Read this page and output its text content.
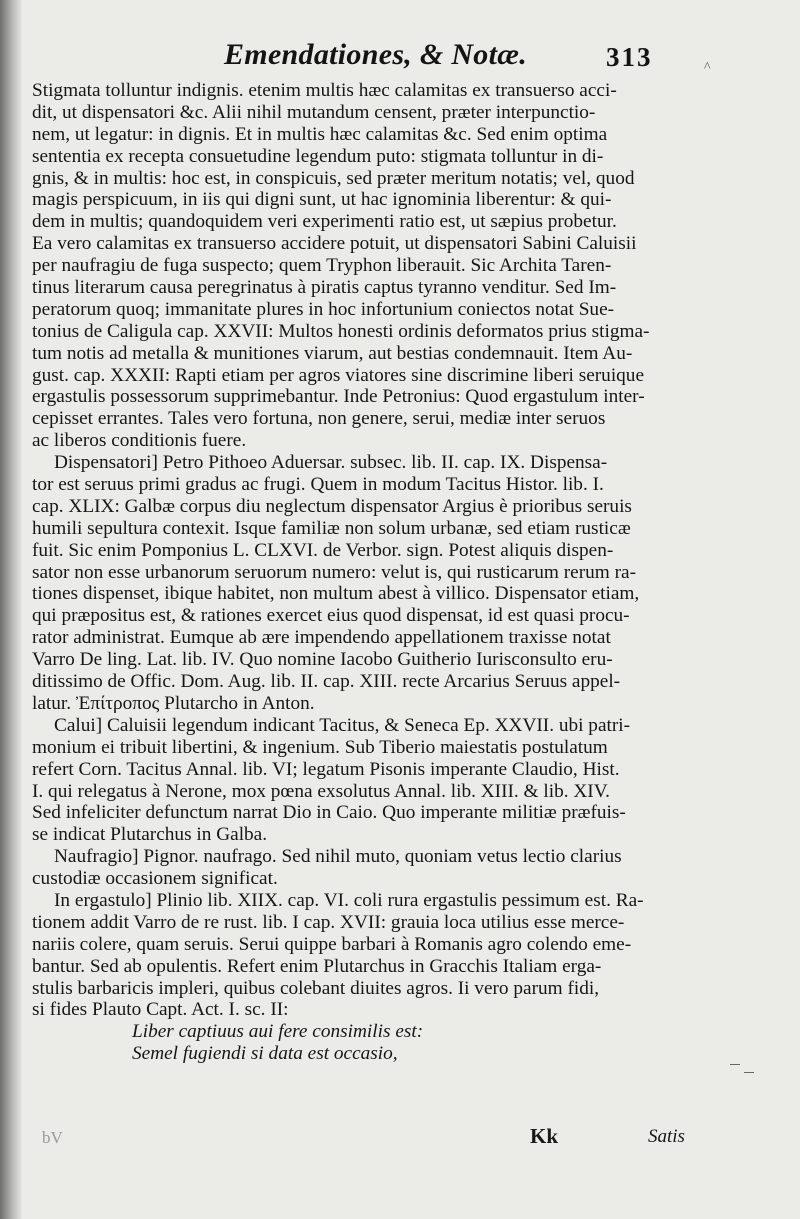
Emendationes, & Notæ.	313	^
Stigmata tolluntur indignis. etenim multis hæc calamitas ex transuerso acci-
dit, ut dispensatori &c. Alii nihil mutandum censent, præter interpunctio-
nem, ut legatur: in dignis. Et in multis hæc calamitas &c. Sed enim optima
sententia ex recepta consuetudine legendum puto: stigmata tolluntur in di-
gnis, & in multis: hoc est, in conspicuis, sed præter meritum notatis; vel, quod
magis perspicuum, in iis qui digni sunt, ut hac ignominia liberentur: & qui-
dem in multis; quandoquidem veri experimenti ratio est, ut sæpius probetur.
Ea vero calamitas ex transuerso accidere potuit, ut dispensatori Sabini Caluisii
per naufragiu de fuga suspecto; quem Tryphon liberauit. Sic Archita Taren-
tinus literarum causa peregrinatus à piratis captus tyranno venditur. Sed Im-
peratorum quoq; immanitate plures in hoc infortunium coniectos notat Sue-
tonius de Caligula cap. XXVII: Multos honesti ordinis deformatos prius stigma-
tum notis ad metalla & munitiones viarum, aut bestias condemnauit. Item Au-
gust. cap. XXXII: Rapti etiam per agros viatores sine discrimine liberi seruique
ergastulis possessorum supprimebantur. Inde Petronius: Quod ergastulum inter-
cepisset errantes. Tales vero fortuna, non genere, serui, mediæ inter seruos
ac liberos conditionis fuere.
Dispensatori] Petro Pithoeo Aduersar. subsec. lib. II. cap. IX. Dispensa-
tor est seruus primi gradus ac frugi. Quem in modum Tacitus Histor. lib. I.
cap. XLIX: Galbæ corpus diu neglectum dispensator Argius è prioribus seruis
humili sepultura contexit. Isque familiæ non solum urbanæ, sed etiam rusticæ
fuit. Sic enim Pomponius L. CLXVI. de Verbor. sign. Potest aliquis dispen-
sator non esse urbanorum seruorum numero: velut is, qui rusticarum rerum ra-
tiones dispenset, ibique habitet, non multum abest à villico. Dispensator etiam,
qui præpositus est, & rationes exercet eius quod dispensat, id est quasi procu-
rator administrat. Eumque ab ære impendendo appellationem traxisse notat
Varro De ling. Lat. lib. IV. Quo nomine Iacobo Guitherio Iurisconsulto eru-
ditissimo de Offic. Dom. Aug. lib. II. cap. XIII. recte Arcarius Seruus appel-
latur. Ἐπίτροπος Plutarcho in Anton.
Calui] Caluisii legendum indicant Tacitus, & Seneca Ep. XXVII. ubi patri-
monium ei tribuit libertini, & ingenium. Sub Tiberio maiestatis postulatum
refert Corn. Tacitus Annal. lib. VI; legatum Pisonis imperante Claudio, Hist.
I. qui relegatus à Nerone, mox pœna exsolutus Annal. lib. XIII. & lib. XIV.
Sed infeliciter defunctum narrat Dio in Caio. Quo imperante militiæ præfuis-
se indicat Plutarchus in Galba.
Naufragio] Pignor. naufrago. Sed nihil muto, quoniam vetus lectio clarius
custodiæ occasionem significat.
In ergastulo] Plinio lib. XIIX. cap. VI. coli rura ergastulis pessimum est. Ra-
tionem addit Varro de re rust. lib. I cap. XVII: grauia loca utilius esse merce-
nariis colere, quam seruis. Serui quippe barbari à Romanis agro colendo eme-
bantur. Sed ab opulentis. Refert enim Plutarchus in Gracchis Italiam erga-
stulis barbaricis impleri, quibus colebant diuites agros. Ii vero parum fidi,
si fides Plauto Capt. Act. I. sc. II:
Liber captiuus aui fere consimilis est:
Semel fugiendi si data est occasio,
bV	Kk	Satis
